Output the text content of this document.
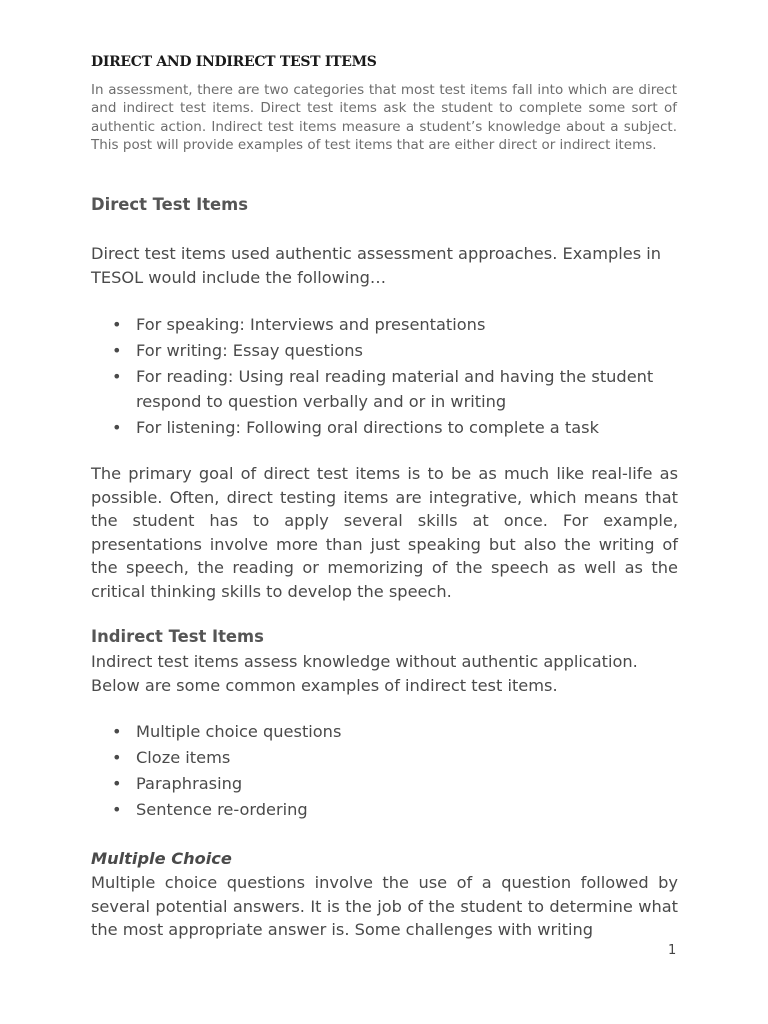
DIRECT AND INDIRECT TEST ITEMS

In assessment, there are two categories that most test items fall into which are direct and indirect test items. Direct test items ask the student to complete some sort of authentic action. Indirect test items measure a student’s knowledge about a subject. This post will provide examples of test items that are either direct or indirect items.

Direct Test Items

Direct test items used authentic assessment approaches. Examples in TESOL would include the following…

• For speaking: Interviews and presentations
• For writing: Essay questions
• For reading: Using real reading material and having the student respond to question verbally and or in writing
• For listening: Following oral directions to complete a task

The primary goal of direct test items is to be as much like real-life as possible. Often, direct testing items are integrative, which means that the student has to apply several skills at once. For example, presentations involve more than just speaking but also the writing of the speech, the reading or memorizing of the speech as well as the critical thinking skills to develop the speech.

Indirect Test Items

Indirect test items assess knowledge without authentic application. Below are some common examples of indirect test items.

• Multiple choice questions
• Cloze items
• Paraphrasing
• Sentence re-ordering
Multiple Choice

Multiple choice questions involve the use of a question followed by several potential answers. It is the job of the student to determine what the most appropriate answer is. Some challenges with writing

1
